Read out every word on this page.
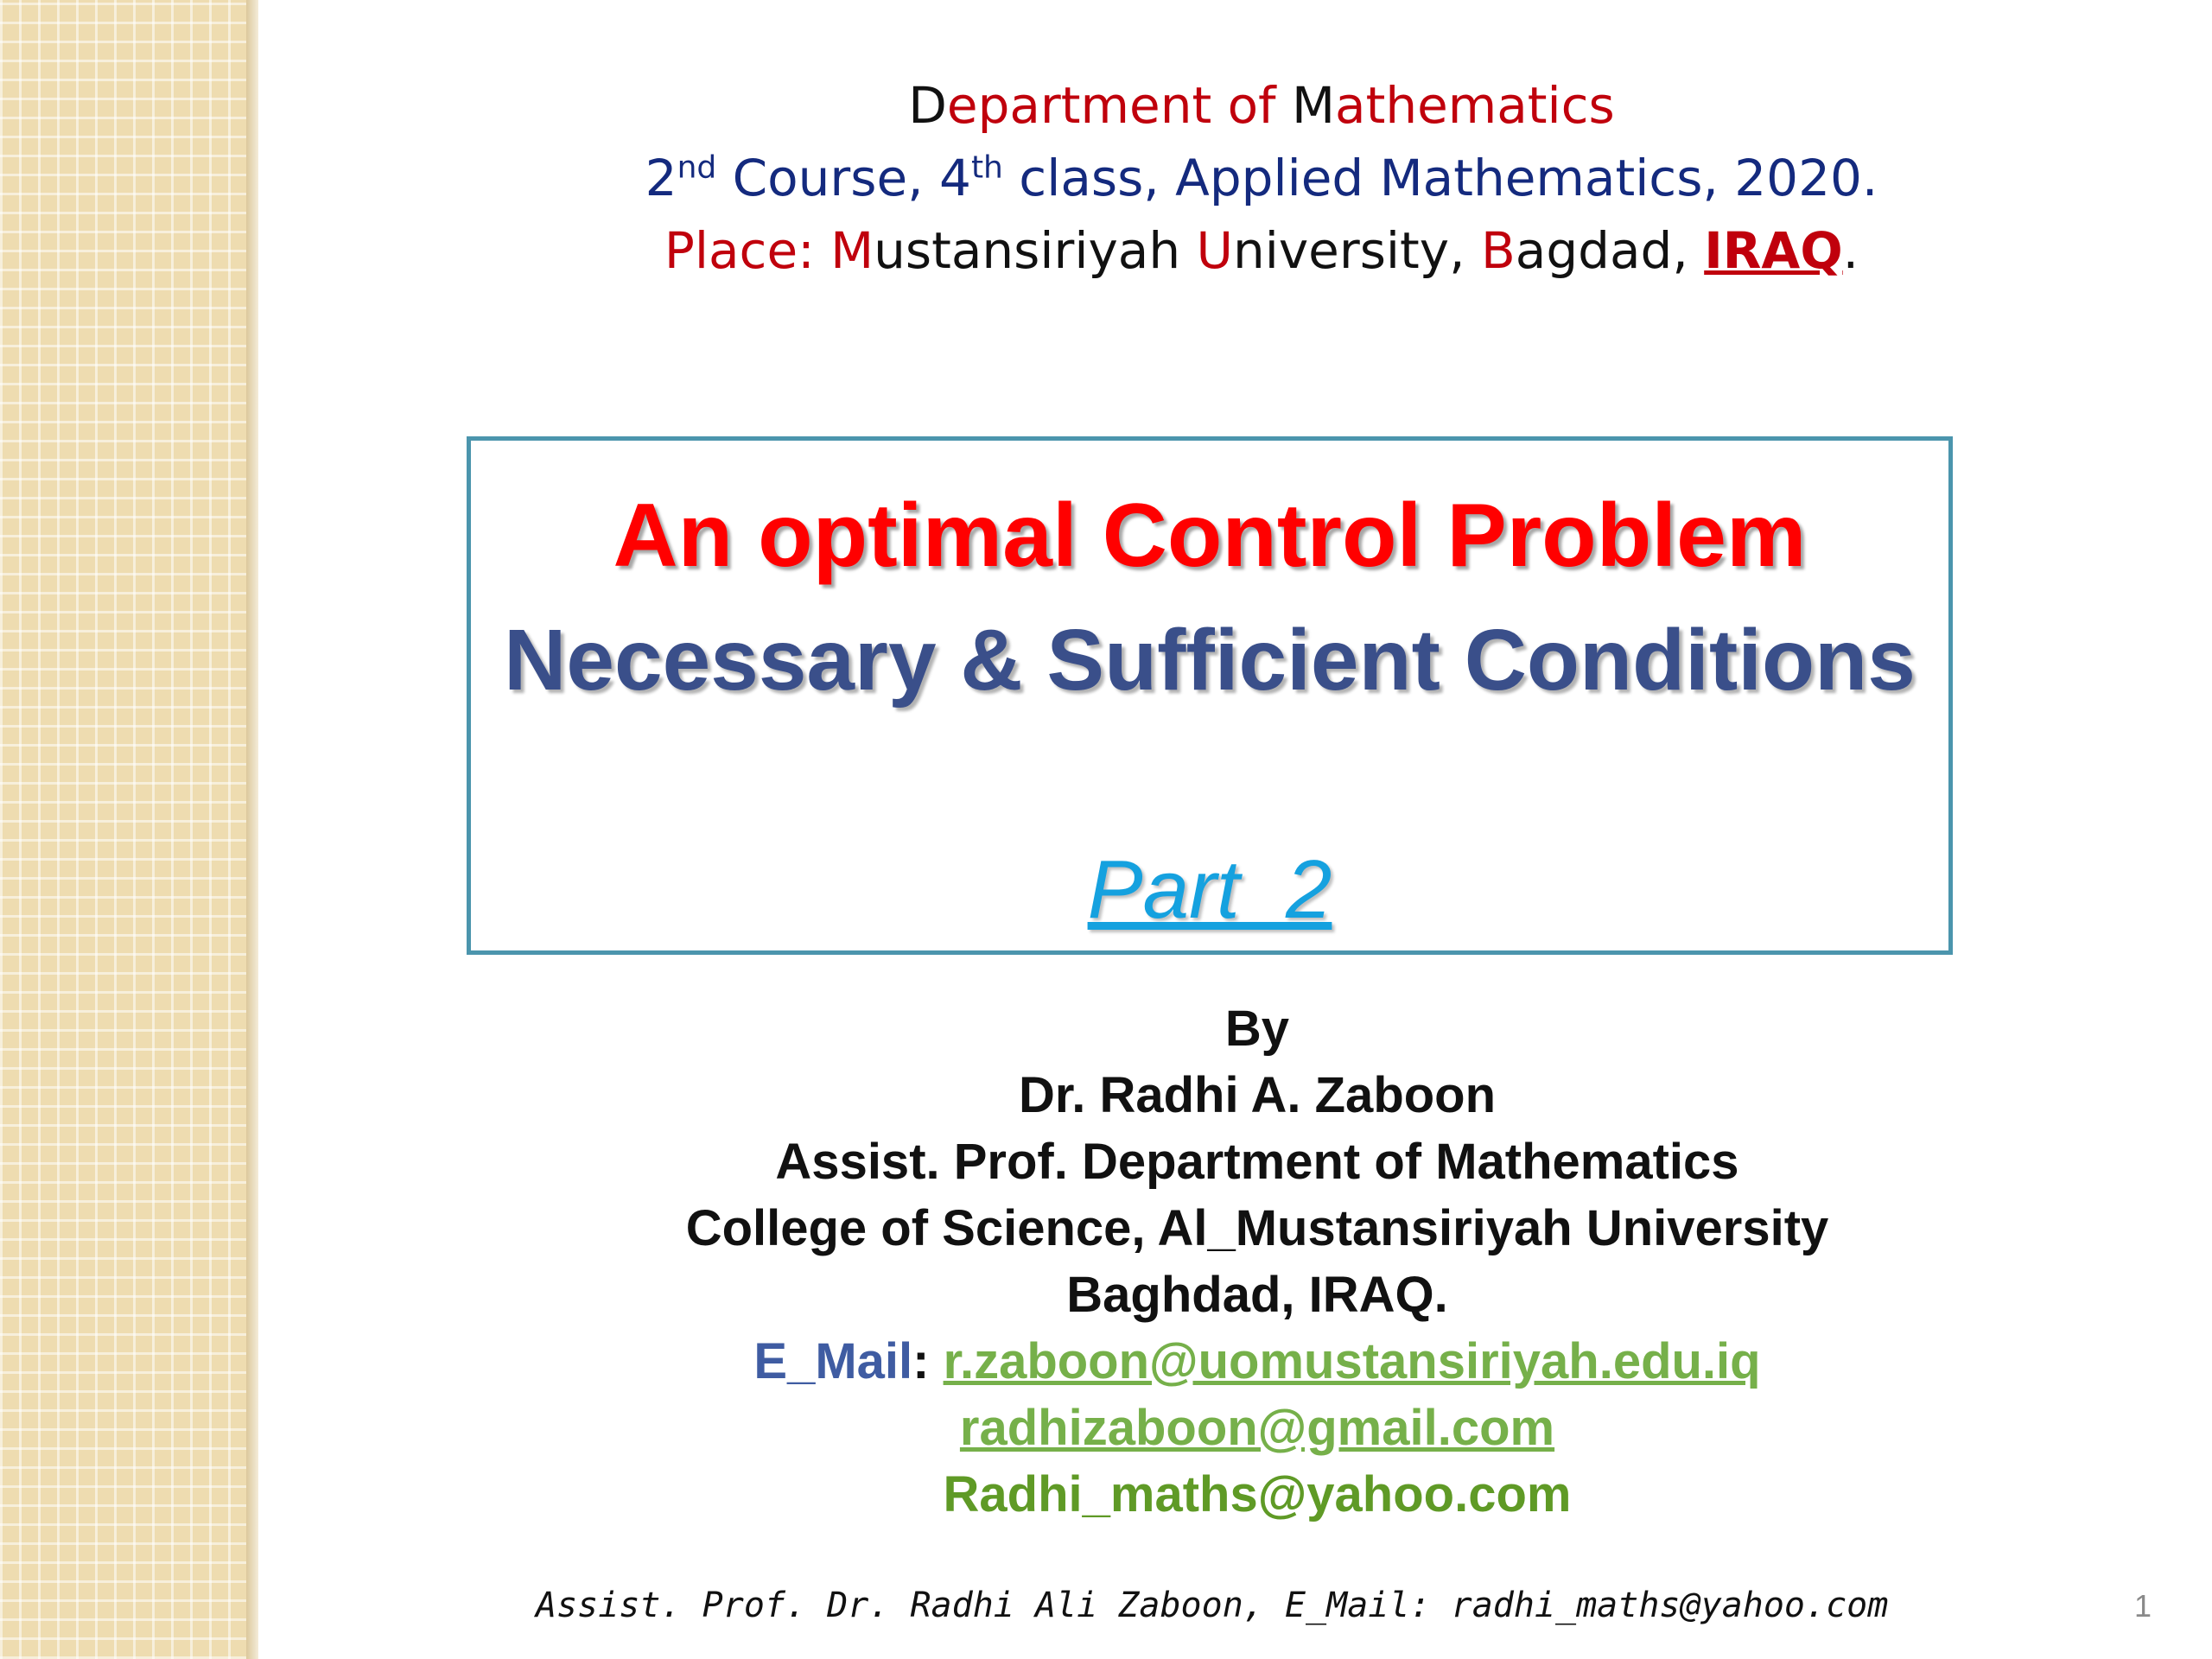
Department of Mathematics
2nd Course, 4th class, Applied Mathematics, 2020.
Place: Mustansiriyah University, Bagdad, IRAQ.
An optimal Control Problem
Necessary & Sufficient Conditions
Part  2
By
Dr. Radhi A. Zaboon
Assist. Prof. Department of Mathematics
College of Science, Al_Mustansiriyah University
Baghdad, IRAQ.
E_Mail: r.zaboon@uomustansiriyah.edu.iq
radhizaboon@gmail.com
Radhi_maths@yahoo.com
Assist. Prof. Dr. Radhi Ali Zaboon, E_Mail: radhi_maths@yahoo.com	1
